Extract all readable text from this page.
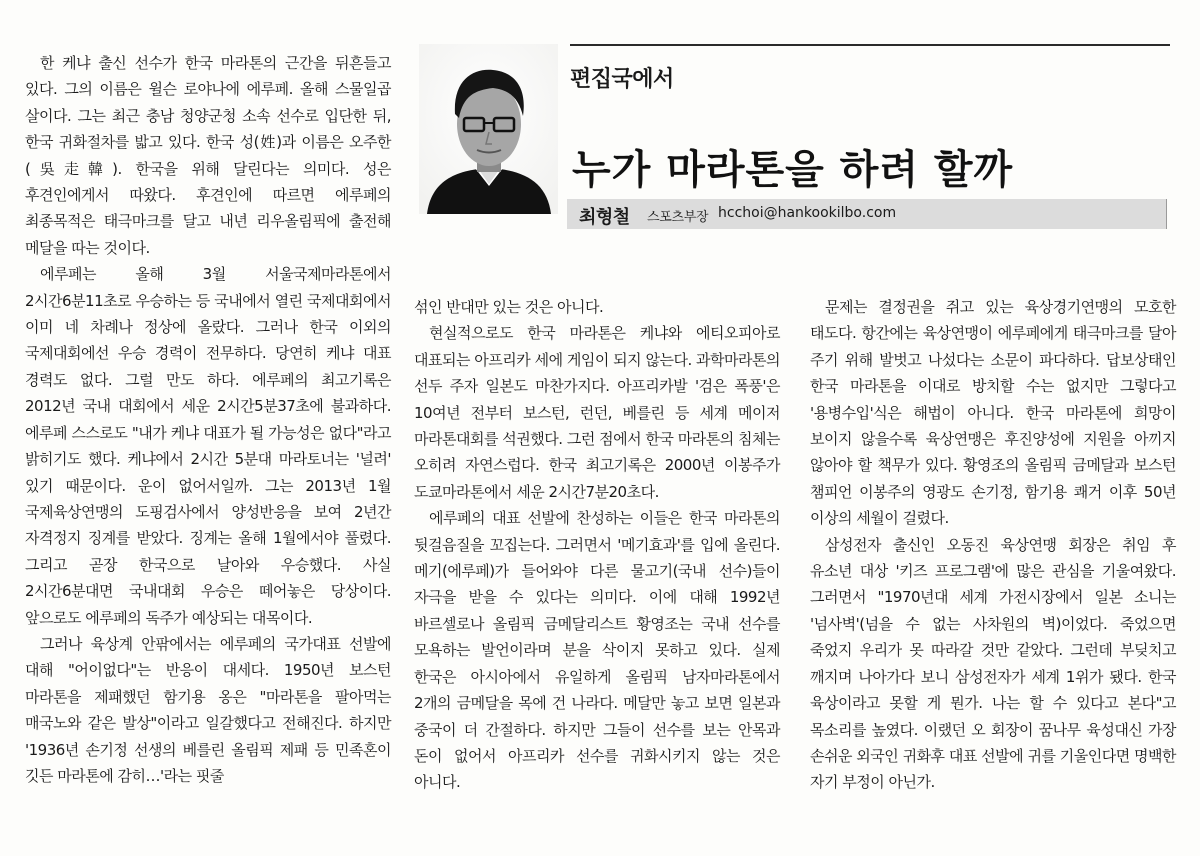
편집국에서
누가 마라톤을 하려 할까
최형철 스포츠부장 hcchoi@hankookilbo.com

한 케냐 출신 선수가 한국 마라톤의 근간을 뒤흔들고 있다. 그의 이름은 윌슨 로야나에 에루페. 올해 스물일곱 살이다. 그는 최근 충남 청양군청 소속 선수로 입단한 뒤, 한국 귀화절차를 밟고 있다. 한국 성(姓)과 이름은 오주한(吳走韓). 한국을 위해 달린다는 의미다. 성은 후견인에게서 따왔다. 후견인에 따르면 에루페의 최종목적은 태극마크를 달고 내년 리우올림픽에 출전해 메달을 따는 것이다.

에루페는 올해 3월 서울국제마라톤에서 2시간6분11초로 우승하는 등 국내에서 열린 국제대회에서 이미 네 차례나 정상에 올랐다. 그러나 한국 이외의 국제대회에선 우승 경력이 전무하다. 당연히 케냐 대표 경력도 없다. 그럴 만도 하다. 에루페의 최고기록은 2012년 국내 대회에서 세운 2시간5분37초에 불과하다. 에루페 스스로도 "내가 케냐 대표가 될 가능성은 없다"라고 밝히기도 했다. 케냐에서 2시간 5분대 마라토너는 '널려' 있기 때문이다. 운이 없어서일까. 그는 2013년 1월 국제육상연맹의 도핑검사에서 양성반응을 보여 2년간 자격정지 징계를 받았다. 징계는 올해 1월에서야 풀렸다. 그리고 곧장 한국으로 날아와 우승했다. 사실 2시간6분대면 국내대회 우승은 떼어놓은 당상이다. 앞으로도 에루페의 독주가 예상되는 대목이다.

그러나 육상계 안팎에서는 에루페의 국가대표 선발에 대해 "어이없다"는 반응이 대세다. 1950년 보스턴 마라톤을 제패했던 함기용 옹은 "마라톤을 팔아먹는 매국노와 같은 발상"이라고 일갈했다고 전해진다. 하지만 '1936년 손기정 선생의 베를린 올림픽 제패 등 민족혼이 깃든 마라톤에 감히…'라는 핏줄

섞인 반대만 있는 것은 아니다.

현실적으로도 한국 마라톤은 케냐와 에티오피아로 대표되는 아프리카 세에 게임이 되지 않는다. 과학마라톤의 선두 주자 일본도 마찬가지다. 아프리카발 '검은 폭풍'은 10여년 전부터 보스턴, 런던, 베를린 등 세계 메이저 마라톤대회를 석권했다. 그런 점에서 한국 마라톤의 침체는 오히려 자연스럽다. 한국 최고기록은 2000년 이봉주가 도쿄마라톤에서 세운 2시간7분20초다.

에루페의 대표 선발에 찬성하는 이들은 한국 마라톤의 뒷걸음질을 꼬집는다. 그러면서 '메기효과'를 입에 올린다. 메기(에루페)가 들어와야 다른 물고기(국내 선수)들이 자극을 받을 수 있다는 의미다. 이에 대해 1992년 바르셀로나 올림픽 금메달리스트 황영조는 국내 선수를 모욕하는 발언이라며 분을 삭이지 못하고 있다. 실제 한국은 아시아에서 유일하게 올림픽 남자마라톤에서 2개의 금메달을 목에 건 나라다. 메달만 놓고 보면 일본과 중국이 더 간절하다. 하지만 그들이 선수를 보는 안목과 돈이 없어서 아프리카 선수를 귀화시키지 않는 것은 아니다.

문제는 결정권을 쥐고 있는 육상경기연맹의 모호한 태도다. 항간에는 육상연맹이 에루페에게 태극마크를 달아 주기 위해 발벗고 나섰다는 소문이 파다하다. 답보상태인 한국 마라톤을 이대로 방치할 수는 없지만 그렇다고 '용병수입'식은 해법이 아니다. 한국 마라톤에 희망이 보이지 않을수록 육상연맹은 후진양성에 지원을 아끼지 않아야 할 책무가 있다. 황영조의 올림픽 금메달과 보스턴 챔피언 이봉주의 영광도 손기정, 함기용 쾌거 이후 50년 이상의 세월이 걸렸다.

삼성전자 출신인 오동진 육상연맹 회장은 취임 후 유소년 대상 '키즈 프로그램'에 많은 관심을 기울여왔다. 그러면서 "1970년대 세계 가전시장에서 일본 소니는 '넘사벽'(넘을 수 없는 사차원의 벽)이었다. 죽었으면 죽었지 우리가 못 따라갈 것만 같았다. 그런데 부딪치고 깨지며 나아가다 보니 삼성전자가 세계 1위가 됐다. 한국 육상이라고 못할 게 뭔가. 나는 할 수 있다고 본다"고 목소리를 높였다. 이랬던 오 회장이 꿈나무 육성대신 가장 손쉬운 외국인 귀화후 대표 선발에 귀를 기울인다면 명백한 자기 부정이 아닌가.
